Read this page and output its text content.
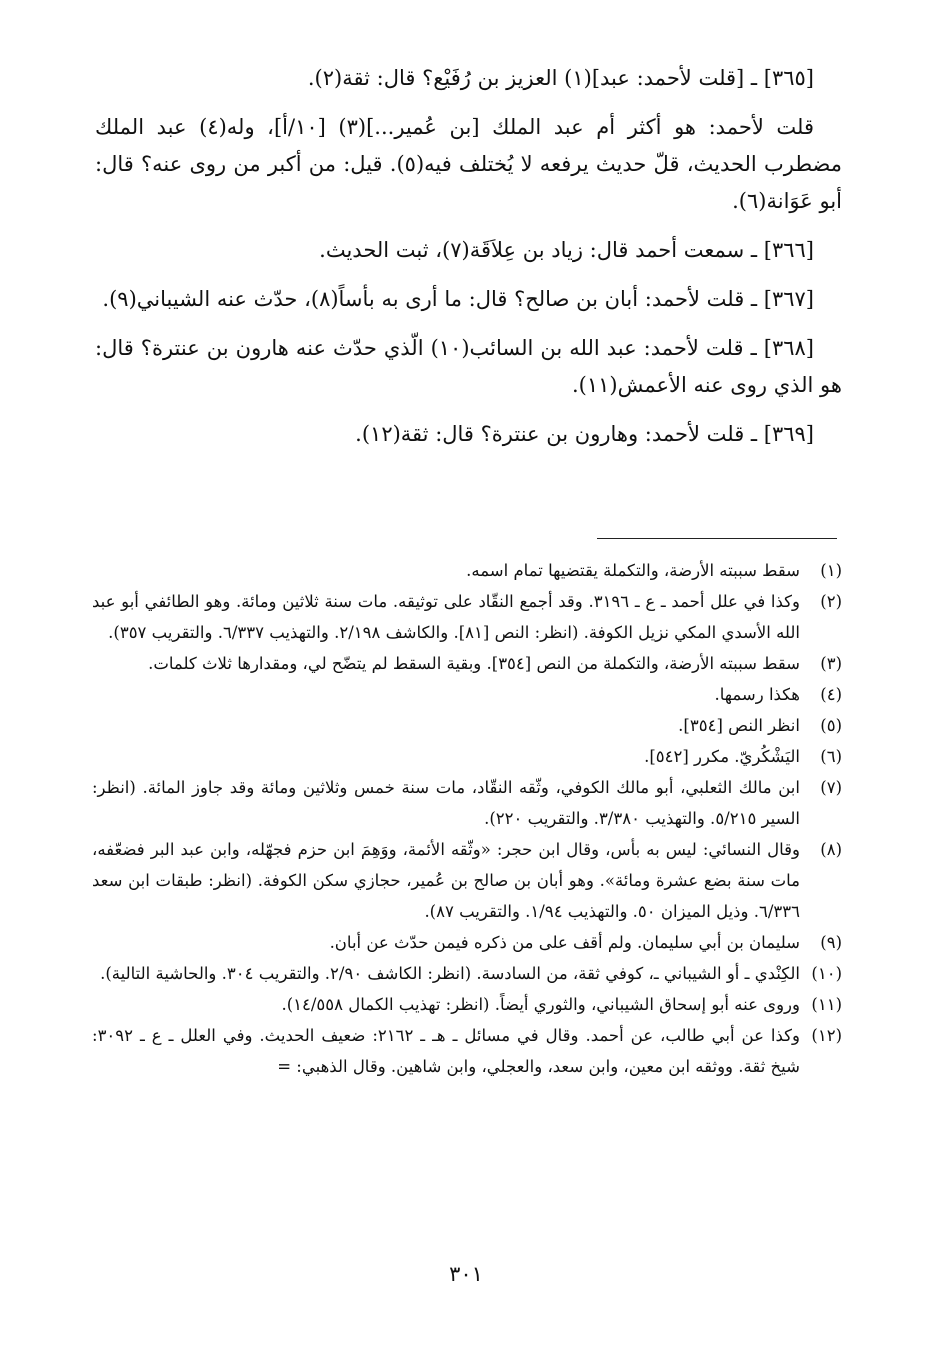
[٣٦٥] ـ [قلت لأحمد: عبد](١) العزيز بن رُفَيْع؟ قال: ثقة(٢).

قلت لأحمد: هو أكثر أم عبد الملك [بن عُمير...](٣) [١٠/أ]، وله(٤) عبد الملك مضطرب الحديث، قلّ حديث يرفعه لا يُختلف فيه(٥). قيل: من أكبر من روى عنه؟ قال: أبو عَوَانة(٦).

[٣٦٦] ـ سمعت أحمد قال: زياد بن عِلاَقَة(٧)، ثبت الحديث.

[٣٦٧] ـ قلت لأحمد: أبان بن صالح؟ قال: ما أرى به بأساً(٨)، حدّث عنه الشيباني(٩).

[٣٦٨] ـ قلت لأحمد: عبد الله بن السائب(١٠) الّذي حدّث عنه هارون بن عنترة؟ قال: هو الذي روى عنه الأعمش(١١).

[٣٦٩] ـ قلت لأحمد: وهارون بن عنترة؟ قال: ثقة(١٢).

(١)
سقط سببته الأرضة، والتكملة يقتضيها تمام اسمه.
(٢)
وكذا في علل أحمد ـ ع ـ ٣١٩٦. وقد أجمع النقّاد على توثيقه. مات سنة ثلاثين ومائة. وهو الطائفي أبو عبد الله الأسدي المكي نزيل الكوفة. (انظر: النص [٨١]. والكاشف ٢/١٩٨. والتهذيب ٦/٣٣٧. والتقريب ٣٥٧).
(٣)
سقط سببته الأرضة، والتكملة من النص [٣٥٤]. وبقية السقط لم يتضّح لي، ومقدارها ثلاث كلمات.
(٤)
هكذا رسمها.
(٥)
انظر النص [٣٥٤].
(٦)
اليَشْكُريّ. مكرر [٥٤٢].
(٧)
ابن مالك الثعلبي، أبو مالك الكوفي، وثّقه النقّاد، مات سنة خمس وثلاثين ومائة وقد جاوز المائة. (انظر: السير ٥/٢١٥. والتهذيب ٣/٣٨٠. والتقريب ٢٢٠).
(٨)
وقال النسائي: ليس به بأس، وقال ابن حجر: «وثّقه الأئمة، ووَهِمَ ابن حزم فجهّله، وابن عبد البر فضعّفه، مات سنة بضع عشرة ومائة». وهو أبان بن صالح بن عُمير، حجازي سكن الكوفة. (انظر: طبقات ابن سعد ٦/٣٣٦. وذيل الميزان ٥٠. والتهذيب ١/٩٤. والتقريب ٨٧).
(٩)
سليمان بن أبي سليمان. ولم أقف على من ذكره فيمن حدّث عن أبان.
(١٠)
الكِنْدي ـ أو الشيباني ـ، كوفي ثقة، من السادسة. (انظر: الكاشف ٢/٩٠. والتقريب ٣٠٤. والحاشية التالية).
(١١)
وروى عنه أبو إسحاق الشيباني، والثوري أيضاً. (انظر: تهذيب الكمال ١٤/٥٥٨).
(١٢)
وكذا عن أبي طالب، عن أحمد. وقال في مسائل ـ هـ ـ ٢١٦٢: ضعيف الحديث. وفي العلل ـ ع ـ ٣٠٩٢: شيخ ثقة. ووثقه ابن معين، وابن سعد، والعجلي، وابن شاهين. وقال الذهبي: =
٣٠١
